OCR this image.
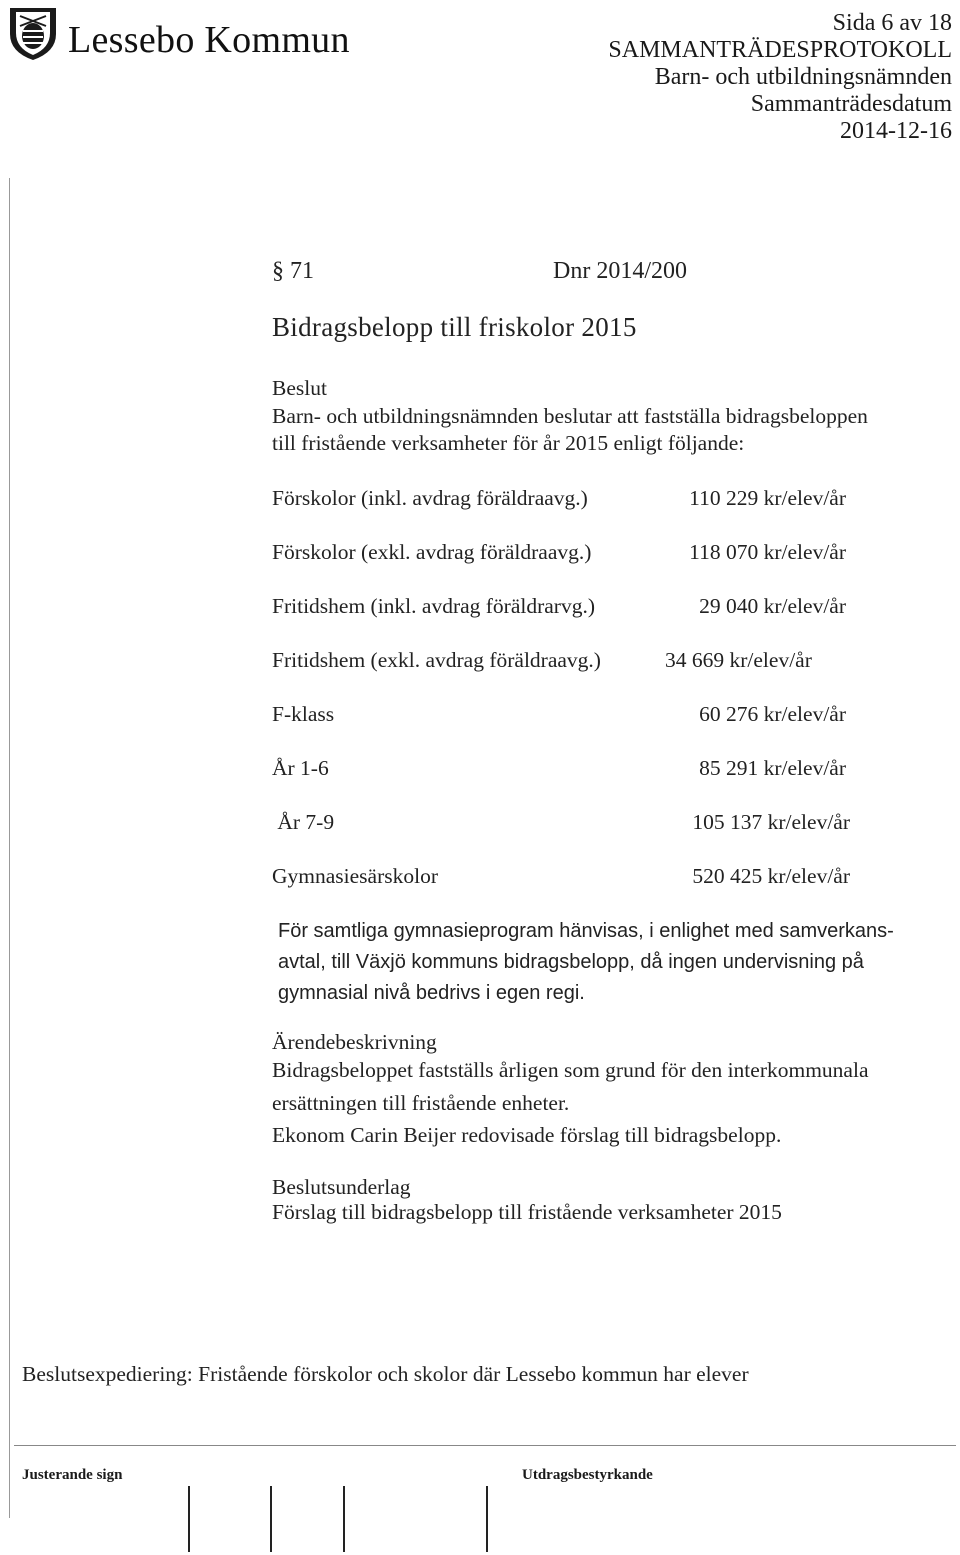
Lessebo Kommun	Sida 6 av 18
SAMMANTRÄDESPROTOKOLL
Barn- och utbildningsnämnden
Sammanträdesdatum
2014-12-16
§ 71	Dnr 2014/200
Bidragsbelopp till friskolor 2015
Beslut
Barn- och utbildningsnämnden beslutar att fastställa bidragsbeloppen
till fristående verksamheter för år 2015 enligt följande:
Förskolor (inkl. avdrag föräldraavg.)	110 229 kr/elev/år
Förskolor (exkl. avdrag föräldraavg.)	118 070 kr/elev/år
Fritidshem (inkl. avdrag föräldrarvg.)	29 040 kr/elev/år
Fritidshem (exkl. avdrag föräldraavg.)	34 669 kr/elev/år
F-klass	60 276 kr/elev/år
År 1-6	85 291 kr/elev/år
År 7-9	105 137 kr/elev/år
Gymnasiesärskolor	520 425 kr/elev/år
För samtliga gymnasieprogram hänvisas, i enlighet med samverkans-
avtal, till Växjö kommuns bidragsbelopp, då ingen undervisning på
gymnasial nivå bedrivs i egen regi.
Ärendebeskrivning
Bidragsbeloppet fastställs årligen som grund för den interkommunala
ersättningen till fristående enheter.
Ekonom Carin Beijer redovisade förslag till bidragsbelopp.
Beslutsunderlag
Förslag till bidragsbelopp till fristående verksamheter 2015
Beslutsexpediering: Fristående förskolor och skolor där Lessebo kommun har elever
Justerande sign	Utdragsbestyrkande
